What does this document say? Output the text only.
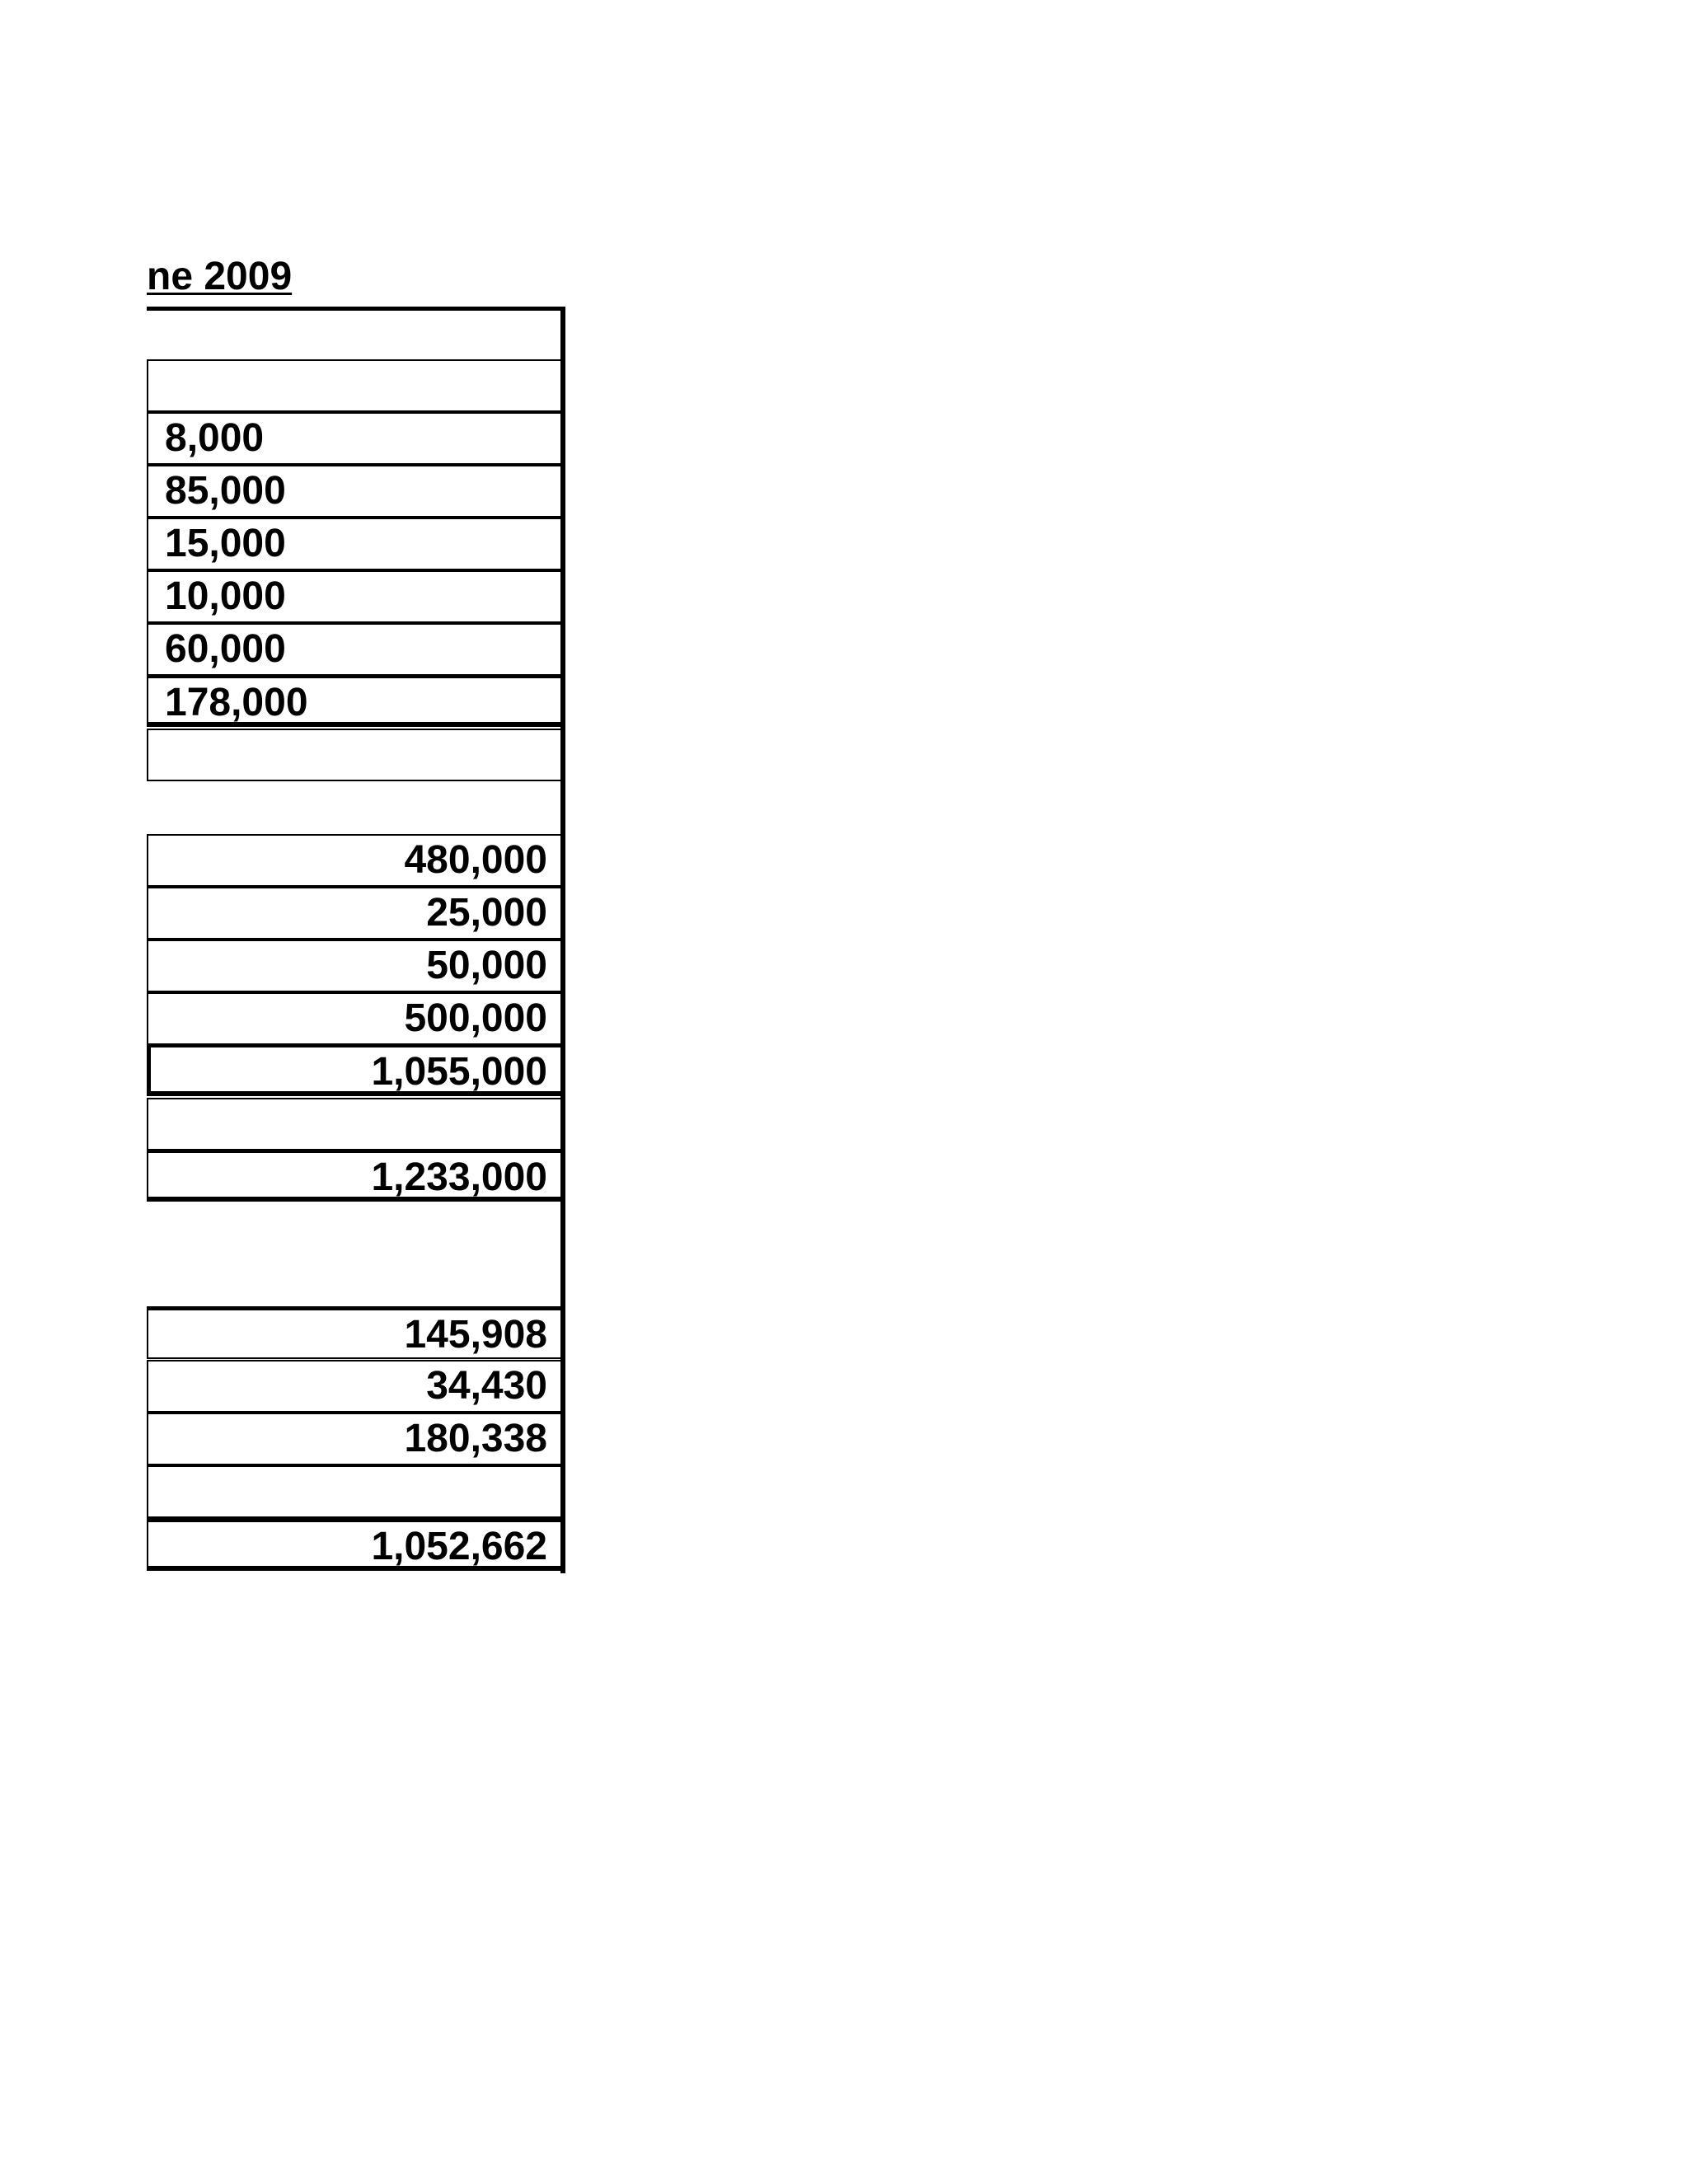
ne 2009
8,000
85,000
15,000
10,000
60,000
178,000
480,000
25,000
50,000
500,000
1,055,000
1,233,000
145,908
34,430
180,338
1,052,662
